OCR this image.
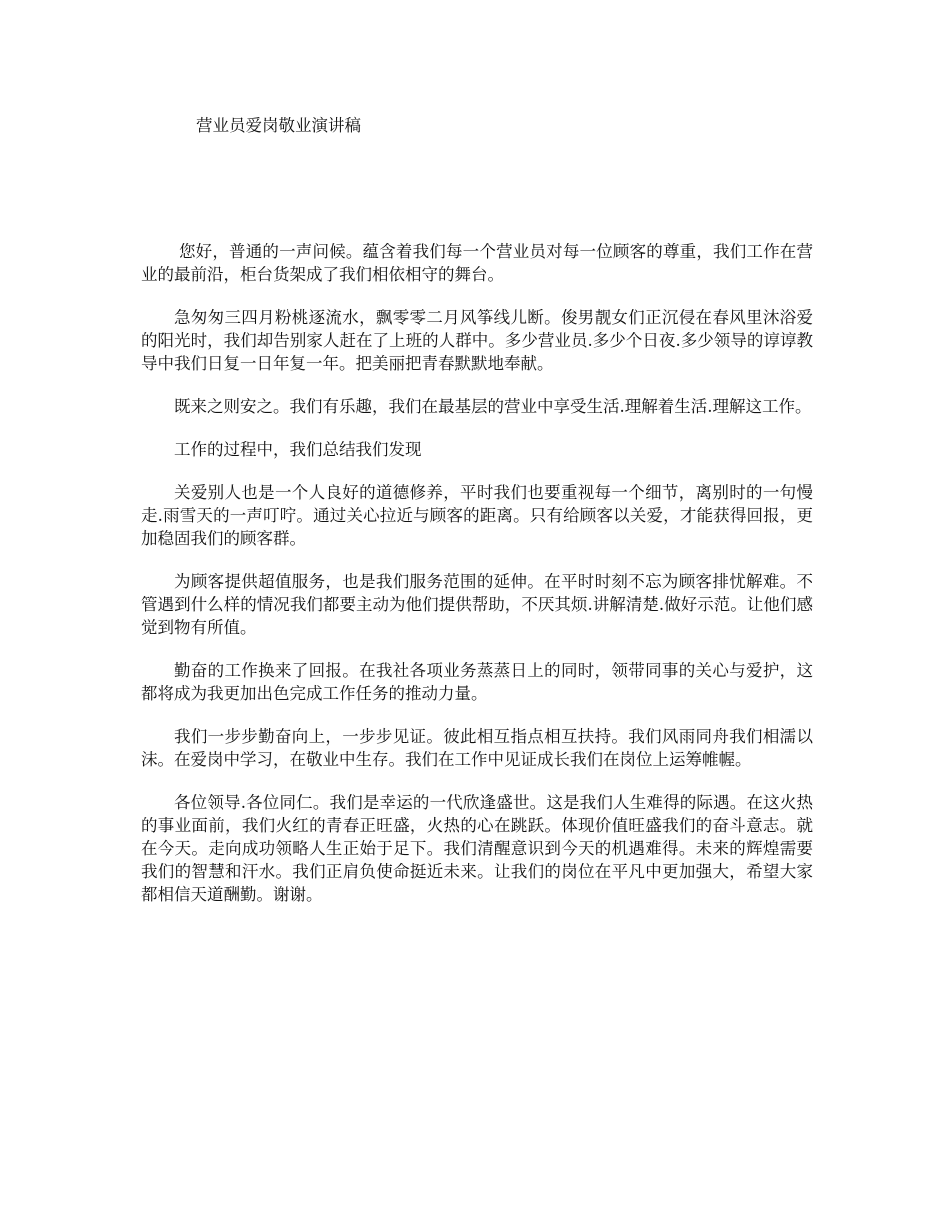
营业员爱岗敬业演讲稿

您好，普通的一声问候。蕴含着我们每一个营业员对每一位顾客的尊重，我们工作在营业的最前沿，柜台货架成了我们相依相守的舞台。

急匆匆三四月粉桃逐流水，飘零零二月风筝线儿断。俊男靓女们正沉侵在春风里沐浴爱的阳光时，我们却告别家人赶在了上班的人群中。多少营业员.多少个日夜.多少领导的谆谆教导中我们日复一日年复一年。把美丽把青春默默地奉献。

既来之则安之。我们有乐趣，我们在最基层的营业中享受生活.理解着生活.理解这工作。

工作的过程中，我们总结我们发现

关爱别人也是一个人良好的道德修养，平时我们也要重视每一个细节，离别时的一句慢走.雨雪天的一声叮咛。通过关心拉近与顾客的距离。只有给顾客以关爱，才能获得回报，更加稳固我们的顾客群。

为顾客提供超值服务，也是我们服务范围的延伸。在平时时刻不忘为顾客排忧解难。不管遇到什么样的情况我们都要主动为他们提供帮助，不厌其烦.讲解清楚.做好示范。让他们感觉到物有所值。

勤奋的工作换来了回报。在我社各项业务蒸蒸日上的同时，领带同事的关心与爱护，这都将成为我更加出色完成工作任务的推动力量。

我们一步步勤奋向上，一步步见证。彼此相互指点相互扶持。我们风雨同舟我们相濡以沫。在爱岗中学习，在敬业中生存。我们在工作中见证成长我们在岗位上运筹帷幄。

各位领导.各位同仁。我们是幸运的一代欣逢盛世。这是我们人生难得的际遇。在这火热的事业面前，我们火红的青春正旺盛，火热的心在跳跃。体现价值旺盛我们的奋斗意志。就在今天。走向成功领略人生正始于足下。我们清醒意识到今天的机遇难得。未来的辉煌需要我们的智慧和汗水。我们正肩负使命挺近未来。让我们的岗位在平凡中更加强大，希望大家都相信天道酬勤。谢谢。
